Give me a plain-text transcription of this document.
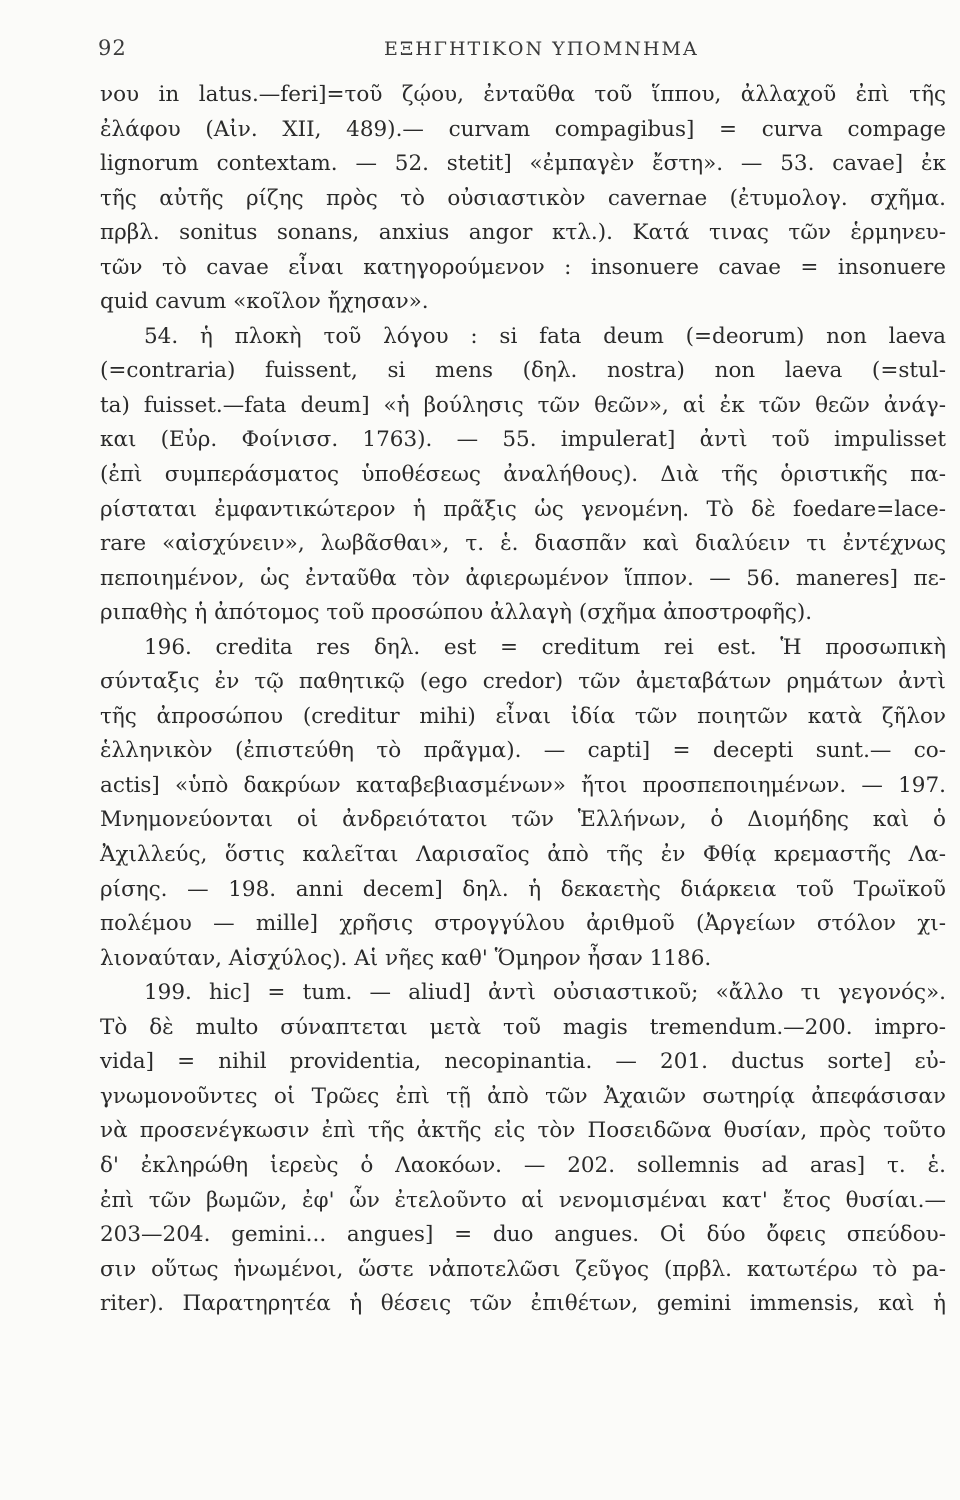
92	ΕΞΗΓΗΤΙΚΟΝ ΥΠΟΜΝΗΜΑ
νου in latus.—feri]=τοῦ ζῴου, ἐνταῦθα τοῦ ἵππου, ἀλλαχοῦ ἐπὶ τῆς
ἐλάφου (Αἰν. XII, 489).— curvam compagibus] = curva compage
lignorum contextam. — 52. stetit] «ἐμπαγὲν ἔστη». — 53. cavae] ἐκ
τῆς αὐτῆς ρίζης πρὸς τὸ οὐσιαστικὸν cavernae (ἐτυμολογ. σχῆμα.
πρβλ. sonitus sonans, anxius angor κτλ.). Κατά τινας τῶν ἑρμηνευ-
τῶν τὸ cavae εἶναι κατηγορούμενον : insonuere cavae = insonuere
quid cavum «κοῖλον ἤχησαν».
54. ἡ πλοκὴ τοῦ λόγου : si fata deum (=deorum) non laeva
(=contraria) fuissent, si mens (δηλ. nostra) non laeva (=stul-
ta) fuisset.—fata deum] «ἡ βούλησις τῶν θεῶν», αἱ ἐκ τῶν θεῶν ἀνάγ-
και (Εὐρ. Φοίνισσ. 1763). — 55. impulerat] ἀντὶ τοῦ impulisset
(ἐπὶ συμπεράσματος ὑποθέσεως ἀναλήθους). Διὰ τῆς ὁριστικῆς πα-
ρίσταται ἐμφαντικώτερον ἡ πρᾶξις ὡς γενομένη. Τὸ δὲ foedare=lace-
rare «αἰσχύνειν», λωβᾶσθαι», τ. ἑ. διασπᾶν καὶ διαλύειν τι ἐντέχνως
πεποιημένον, ὡς ἐνταῦθα τὸν ἀφιερωμένον ἵππον. — 56. maneres] πε-
ριπαθὴς ἡ ἀπότομος τοῦ προσώπου ἀλλαγὴ (σχῆμα ἀποστροφῆς).
196. credita res δηλ. est = creditum rei est. Ἡ προσωπικὴ
σύνταξις ἐν τῷ παθητικῷ (ego credor) τῶν ἀμεταβάτων ρημάτων ἀντὶ
τῆς ἀπροσώπου (creditur mihi) εἶναι ἰδία τῶν ποιητῶν κατὰ ζῆλον
ἑλληνικὸν (ἐπιστεύθη τὸ πρᾶγμα). — capti] = decepti sunt.— co-
actis] «ὑπὸ δακρύων καταβεβιασμένων» ἤτοι προσπεποιημένων. — 197.
Μνημονεύονται οἱ ἀνδρειότατοι τῶν Ἑλλήνων, ὁ Διομήδης καὶ ὁ
Ἀχιλλεύς, ὅστις καλεῖται Λαρισαῖος ἀπὸ τῆς ἐν Φθίᾳ κρεμαστῆς Λα-
ρίσης. — 198. anni decem] δηλ. ἡ δεκαετὴς διάρκεια τοῦ Τρωϊκοῦ
πολέμου — mille] χρῆσις στρογγύλου ἀριθμοῦ (Ἀργείων στόλον χι-
λιοναύταν, Αἰσχύλος). Αἱ νῆες καθ' Ὅμηρον ἦσαν 1186.
199. hic] = tum. — aliud] ἀντὶ οὐσιαστικοῦ; «ἄλλο τι γεγονός».
Τὸ δὲ multo σύναπτεται μετὰ τοῦ magis tremendum.—200. impro-
vida] = nihil providentia, necopinantia. — 201. ductus sorte] εὐ-
γνωμονοῦντες οἱ Τρῶες ἐπὶ τῇ ἀπὸ τῶν Ἀχαιῶν σωτηρίᾳ ἀπεφάσισαν
νὰ προσενέγκωσιν ἐπὶ τῆς ἀκτῆς εἰς τὸν Ποσειδῶνα θυσίαν, πρὸς τοῦτο
δ' ἐκληρώθη ἱερεὺς ὁ Λαοκόων. — 202. sollemnis ad aras] τ. ἑ.
ἐπὶ τῶν βωμῶν, ἐφ' ὧν ἐτελοῦντο αἱ νενομισμέναι κατ' ἔτος θυσίαι.—
203—204. gemini... angues] = duo angues. Οἱ δύο ὄφεις σπεύδου-
σιν οὕτως ἡνωμένοι, ὥστε νἀποτελῶσι ζεῦγος (πρβλ. κατωτέρω τὸ pa-
riter). Παρατηρητέα ἡ θέσεις τῶν ἐπιθέτων, gemini immensis, καὶ ἡ
